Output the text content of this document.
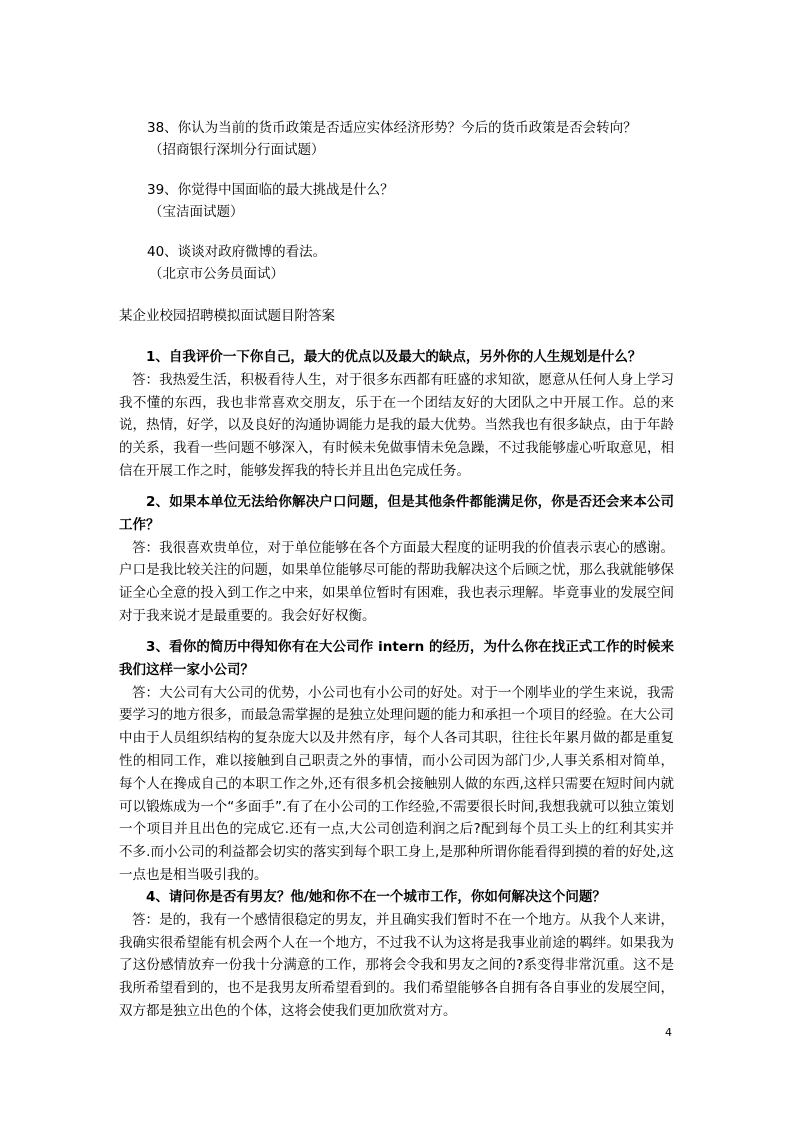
38、你认为当前的货币政策是否适应实体经济形势？今后的货币政策是否会转向？
（招商银行深圳分行面试题）
39、你觉得中国面临的最大挑战是什么？
（宝洁面试题）
40、谈谈对政府微博的看法。
（北京市公务员面试）
某企业校园招聘模拟面试题目附答案
1、自我评价一下你自己，最大的优点以及最大的缺点，另外你的人生规划是什么？
答：我热爱生活，积极看待人生，对于很多东西都有旺盛的求知欲，愿意从任何人身上学习我不懂的东西，我也非常喜欢交朋友，乐于在一个团结友好的大团队之中开展工作。总的来说，热情，好学，以及良好的沟通协调能力是我的最大优势。当然我也有很多缺点，由于年龄的关系，我看一些问题不够深入，有时候未免做事情未免急躁，不过我能够虚心听取意见，相信在开展工作之时，能够发挥我的特长并且出色完成任务。
2、如果本单位无法给你解决户口问题，但是其他条件都能满足你，你是否还会来本公司工作？
答：我很喜欢贵单位，对于单位能够在各个方面最大程度的证明我的价值表示衷心的感谢。户口是我比较关注的问题，如果单位能够尽可能的帮助我解决这个后顾之忧，那么我就能够保证全心全意的投入到工作之中来，如果单位暂时有困难，我也表示理解。毕竟事业的发展空间对于我来说才是最重要的。我会好好权衡。
3、看你的简历中得知你有在大公司作 intern 的经历，为什么你在找正式工作的时候来我们这样一家小公司？
答：大公司有大公司的优势，小公司也有小公司的好处。对于一个刚毕业的学生来说，我需要学习的地方很多，而最急需掌握的是独立处理问题的能力和承担一个项目的经验。在大公司中由于人员组织结构的复杂庞大以及井然有序，每个人各司其职，往往长年累月做的都是重复性的相同工作，难以接触到自己职责之外的事情，而小公司因为部门少,人事关系相对简单，每个人在搀成自己的本职工作之外,还有很多机会接触别人做的东西,这样只需要在短时间内就可以锻炼成为一个“多面手”.有了在小公司的工作经验,不需要很长时间,我想我就可以独立策划一个项目并且出色的完成它.还有一点,大公司创造利润之后?配到每个员工头上的红利其实并不多.而小公司的利益都会切实的落实到每个职工身上,是那种所谓你能看得到摸的着的好处,这一点也是相当吸引我的。
4、请问你是否有男友？他/她和你不在一个城市工作，你如何解决这个问题？
答：是的，我有一个感情很稳定的男友，并且确实我们暂时不在一个地方。从我个人来讲，我确实很希望能有机会两个人在一个地方，不过我不认为这将是我事业前途的羁绊。如果我为了这份感情放弃一份我十分满意的工作，那将会令我和男友之间的?系变得非常沉重。这不是我所希望看到的，也不是我男友所希望看到的。我们希望能够各自拥有各自事业的发展空间，双方都是独立出色的个体，这将会使我们更加欣赏对方。
4
